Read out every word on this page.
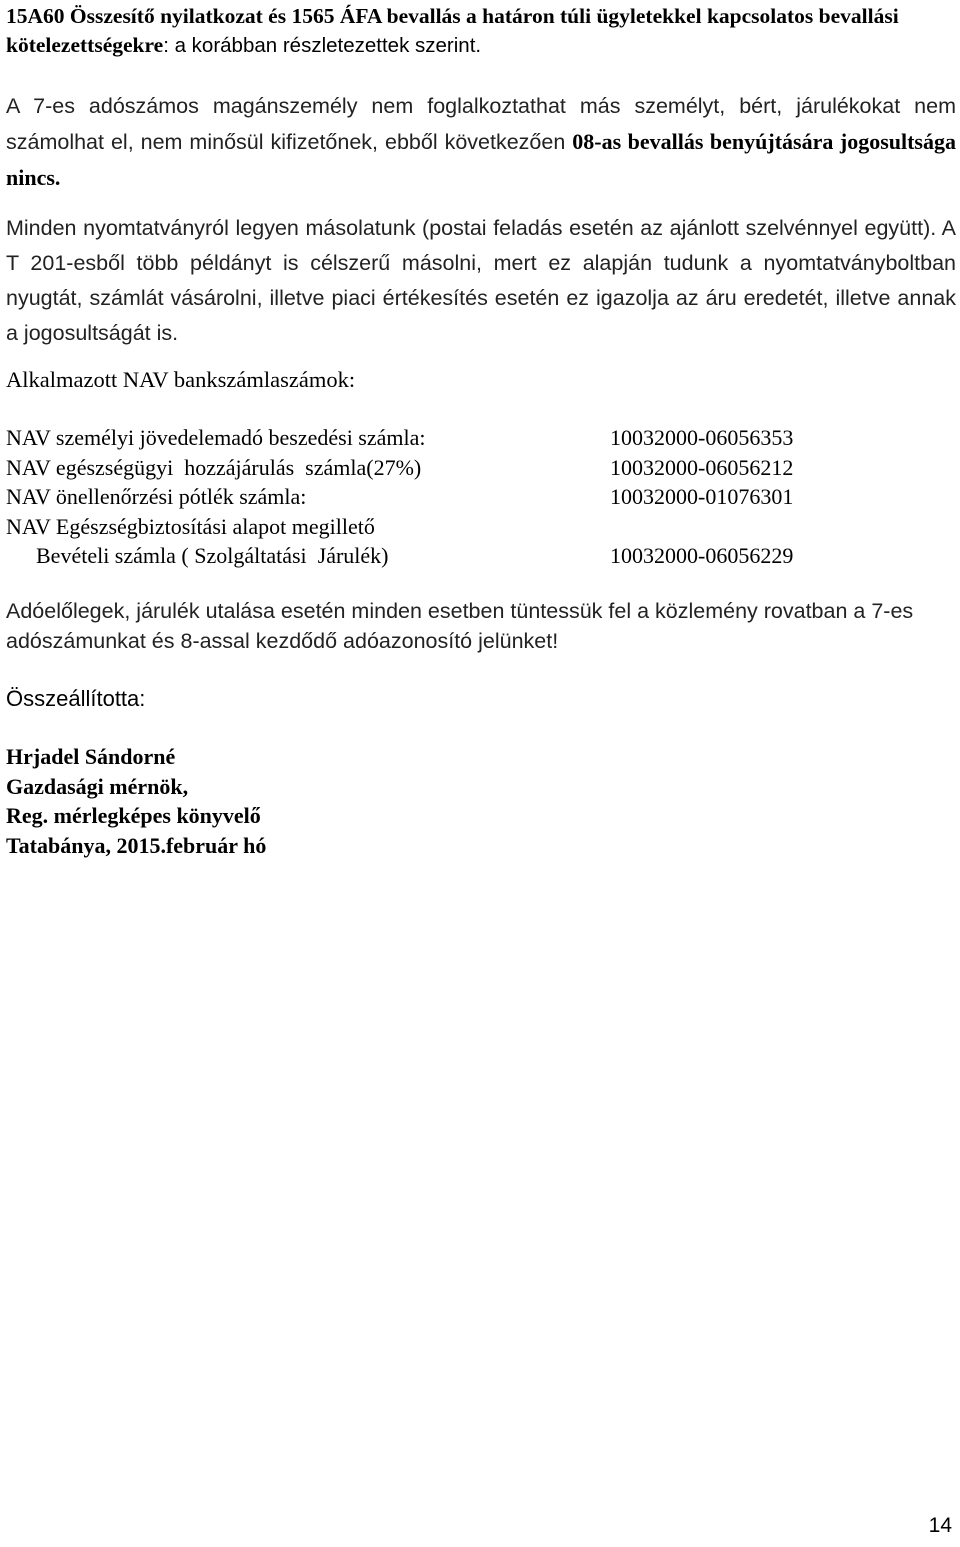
15A60 Összesítő nyilatkozat és 1565 ÁFA bevallás a határon túli ügyletekkel kapcsolatos bevallási kötelezettségekre: a korábban részletezettek szerint.
A 7-es adószámos magánszemély nem foglalkoztathat más személyt, bért, járulékokat nem számolhat el, nem minősül kifizetőnek, ebből következően 08-as bevallás benyújtására jogosultsága nincs.
Minden nyomtatványról legyen másolatunk (postai feladás esetén az ajánlott szelvénnyel együtt). A T 201-esből több példányt is célszerű másolni, mert ez alapján tudunk a nyomtatványboltban nyugtát, számlát vásárolni, illetve piaci értékesítés esetén ez igazolja az áru eredetét, illetve annak a jogosultságát is.
Alkalmazott NAV bankszámlaszámok:
NAV személyi jövedelemadó beszedési számla:	10032000-06056353
NAV egészségügyi  hozzájárulás  számla(27%)	10032000-06056212
NAV önellenőrzési pótlék számla:	10032000-01076301
NAV Egészségbiztosítási alapot megillető
Bevételi számla ( Szolgáltatási  Járulék)	10032000-06056229
Adóelőlegek, járulék utalása esetén minden esetben tüntessük fel a közlemény rovatban a 7-es adószámunkat és 8-assal kezdődő adóazonosító jelünket!
Összeállította:
Hrjadel Sándorné
Gazdasági mérnök,
Reg. mérlegképes könyvelő
Tatabánya, 2015.február hó
14
